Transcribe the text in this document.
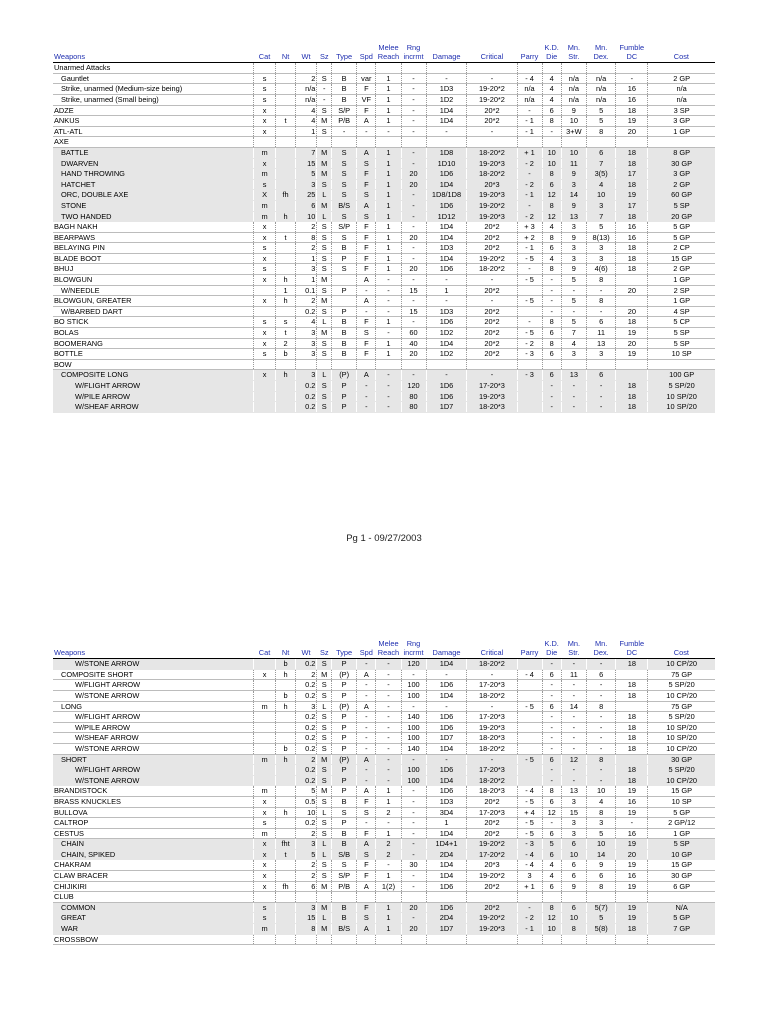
Weapons	Cat	Nt	Wt	Sz	Type	Spd	Melee Reach	Rng incrmt	Damage	Critical	Parry	K.D. Die	Mn. Str.	Mn. Dex.	Fumble DC	Cost
Unarmed Attacks																
Gauntlet	s		2	S	B	var	1	-	-	-	- 4	4	n/a	n/a	-	2 GP
Strike, unarmed (Medium-size being)	s		n/a	-	B	F	1	-	1D3	19-20*2	n/a	4	n/a	n/a	16	n/a
Strike, unarmed (Small being)	s		n/a	-	B	VF	1	-	1D2	19-20*2	n/a	4	n/a	n/a	16	n/a
ADZE	x		4	S	S/P	F	1	-	1D4	20*2	-	6	9	5	18	3 SP
ANKUS	x	t	4	M	P/B	A	1	-	1D4	20*2	- 1	8	10	5	19	3 GP
ATL-ATL	x		1	S	-	-	-	-	-	-	- 1	-	3+W	8	20	1 GP
AXE																
BATTLE	m		7	M	S	A	1	-	1D8	18-20*2	+ 1	10	10	6	18	8 GP
DWARVEN	x		15	M	S	S	1	-	1D10	19-20*3	- 2	10	11	7	18	30 GP
HAND THROWING	m		5	M	S	F	1	20	1D6	18-20*2	-	8	9	3(5)	17	3 GP
HATCHET	s		3	S	S	F	1	20	1D4	20*3	- 2	6	3	4	18	2 GP
ORC, DOUBLE AXE	X	fh	25	L	S	S	1	-	1D8/1D8	19-20*3	- 1	12	14	10	19	60 GP
STONE	m		6	M	B/S	A	1	-	1D6	19-20*2	-	8	9	3	17	5 SP
TWO HANDED	m	h	10	L	S	S	1	-	1D12	19-20*3	- 2	12	13	7	18	20 GP
BAGH NAKH	x		2	S	S/P	F	1	-	1D4	20*2	+ 3	4	3	5	16	5 GP
BEARPAWS	x	t	8	S	S	F	1	20	1D4	20*2	+ 2	8	9	8(13)	16	5 GP
BELAYING PIN	s		2	S	B	F	1	-	1D3	20*2	- 1	6	3	3	18	2 CP
BLADE BOOT	x		1	S	P	F	1	-	1D4	19-20*2	- 5	4	3	3	18	15 GP
BHUJ	s		3	S	S	F	1	20	1D6	18-20*2	-	8	9	4(6)	18	2 GP
BLOWGUN	x	h	1	M		A	-	-	-	-	- 5	-	5	8		1 GP
W/NEEDLE		1	0.1	S	P	-	-	15	1	20*2		-	-	-	20	2 SP
BLOWGUN, GREATER	x	h	2	M		A	-	-	-	-	- 5	-	5	8		1 GP
W/BARBED DART			0.2	S	P	-	-	15	1D3	20*2		-	-	-	20	4 SP
BO STICK	s	s	4	L	B	F	1	-	1D6	20*2	-	8	5	6	18	5 CP
BOLAS	x	t	3	M	B	S	-	60	1D2	20*2	- 5	6	7	11	19	5 SP
BOOMERANG	x	2	3	S	B	F	1	40	1D4	20*2	- 2	8	4	13	20	5 SP
BOTTLE	s	b	3	S	B	F	1	20	1D2	20*2	- 3	6	3	3	19	10 SP
BOW																
COMPOSITE LONG	x	h	3	L	(P)	A	-	-	-	-	- 3	6	13	6		100 GP
W/FLIGHT ARROW			0.2	S	P	-	-	120	1D6	17-20*3		-	-	-	18	5 SP/20
W/PILE ARROW			0.2	S	P	-	-	80	1D6	19-20*3		-	-	-	18	10 SP/20
W/SHEAF ARROW			0.2	S	P	-	-	80	1D7	18-20*3		-	-	-	18	10 SP/20
Pg 1 - 09/27/2003
Weapons	Cat	Nt	Wt	Sz	Type	Spd	Melee Reach	Rng incrmt	Damage	Critical	Parry	K.D. Die	Mn. Str.	Mn. Dex.	Fumble DC	Cost
W/STONE ARROW		b	0.2	S	P	-	-	120	1D4	18-20*2		-	-	-	18	10 CP/20
COMPOSITE SHORT	x	h	2	M	(P)	A	-	-	-	-	- 4	6	11	6		75 GP
W/FLIGHT ARROW			0.2	S	P	-	-	100	1D6	17-20*3		-	-	-	18	5 SP/20
W/STONE ARROW		b	0.2	S	P	-	-	100	1D4	18-20*2		-	-	-	18	10 CP/20
LONG	m	h	3	L	(P)	A	-	-	-	-	- 5	6	14	8		75 GP
W/FLIGHT ARROW			0.2	S	P	-	-	140	1D6	17-20*3		-	-	-	18	5 SP/20
W/PILE ARROW			0.2	S	P	-	-	100	1D6	19-20*3		-	-	-	18	10 SP/20
W/SHEAF ARROW			0.2	S	P	-	-	100	1D7	18-20*3		-	-	-	18	10 SP/20
W/STONE ARROW		b	0.2	S	P	-	-	140	1D4	18-20*2		-	-	-	18	10 CP/20
SHORT	m	h	2	M	(P)	A	-	-	-	-	- 5	6	12	8		30 GP
W/FLIGHT ARROW			0.2	S	P	-	-	100	1D6	17-20*3		-	-	-	18	5 SP/20
W/STONE ARROW			0.2	S	P	-	-	100	1D4	18-20*2		-	-	-	18	10 CP/20
BRANDISTOCK	m		5	M	P	A	1	-	1D6	18-20*3	- 4	8	13	10	19	15 GP
BRASS KNUCKLES	x		0.5	S	B	F	1	-	1D3	20*2	- 5	6	3	4	16	10 SP
BULLOVA	x	h	10	L	S	S	2	-	3D4	17-20*3	+ 4	12	15	8	19	5 GP
CALTROP	s		0.2	S	P	-	-	-	1	20*2	- 5	-	3	3	-	2 GP/12
CESTUS	m		2	S	B	F	1	-	1D4	20*2	- 5	6	3	5	16	1 GP
CHAIN	x	fht	3	L	B	A	2	-	1D4+1	19-20*2	- 3	5	6	10	19	5 SP
CHAIN, SPIKED	x	t	5	L	S/B	S	2	-	2D4	17-20*2	- 4	6	10	14	20	10 GP
CHAKRAM	x		2	S	S	F	-	30	1D4	20*3	- 4	4	6	9	19	15 GP
CLAW BRACER	x		2	S	S/P	F	1	-	1D4	19-20*2	3	4	6	6	16	30 GP
CHIJIKIRI	x	fh	6	M	P/B	A	1(2)	-	1D6	20*2	+ 1	6	9	8	19	6 GP
CLUB																
COMMON	s		3	M	B	F	1	20	1D6	20*2	-	8	6	5(7)	19	N/A
GREAT	s		15	L	B	S	1	-	2D4	19-20*2	- 2	12	10	5	19	5 GP
WAR	m		8	M	B/S	A	1	20	1D7	19-20*3	- 1	10	8	5(8)	18	7 GP
CROSSBOW																
